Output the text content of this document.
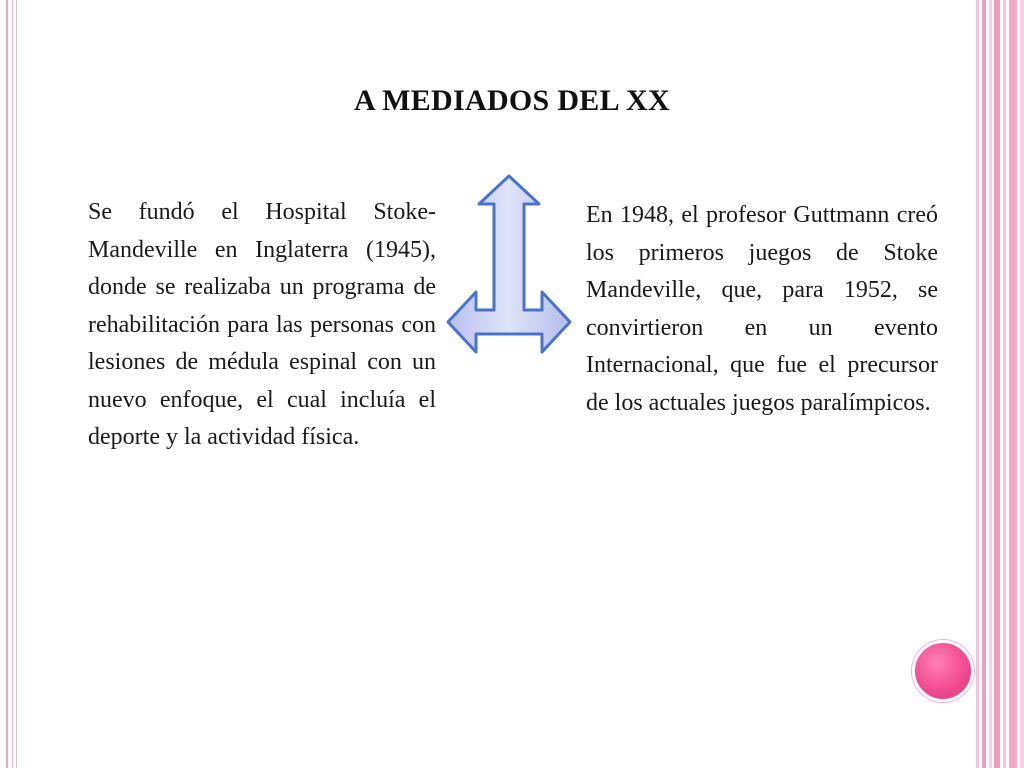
A MEDIADOS DEL XX

Se fundó el Hospital Stoke-Mandeville en Inglaterra (1945), donde se realizaba un programa de rehabilitación para las personas con lesiones de médula espinal con un nuevo enfoque, el cual incluía el deporte y la actividad física.

En 1948, el profesor Guttmann creó los primeros juegos de Stoke Mandeville, que, para 1952, se convirtieron en un evento Internacional, que fue el precursor de los actuales juegos paralímpicos.
